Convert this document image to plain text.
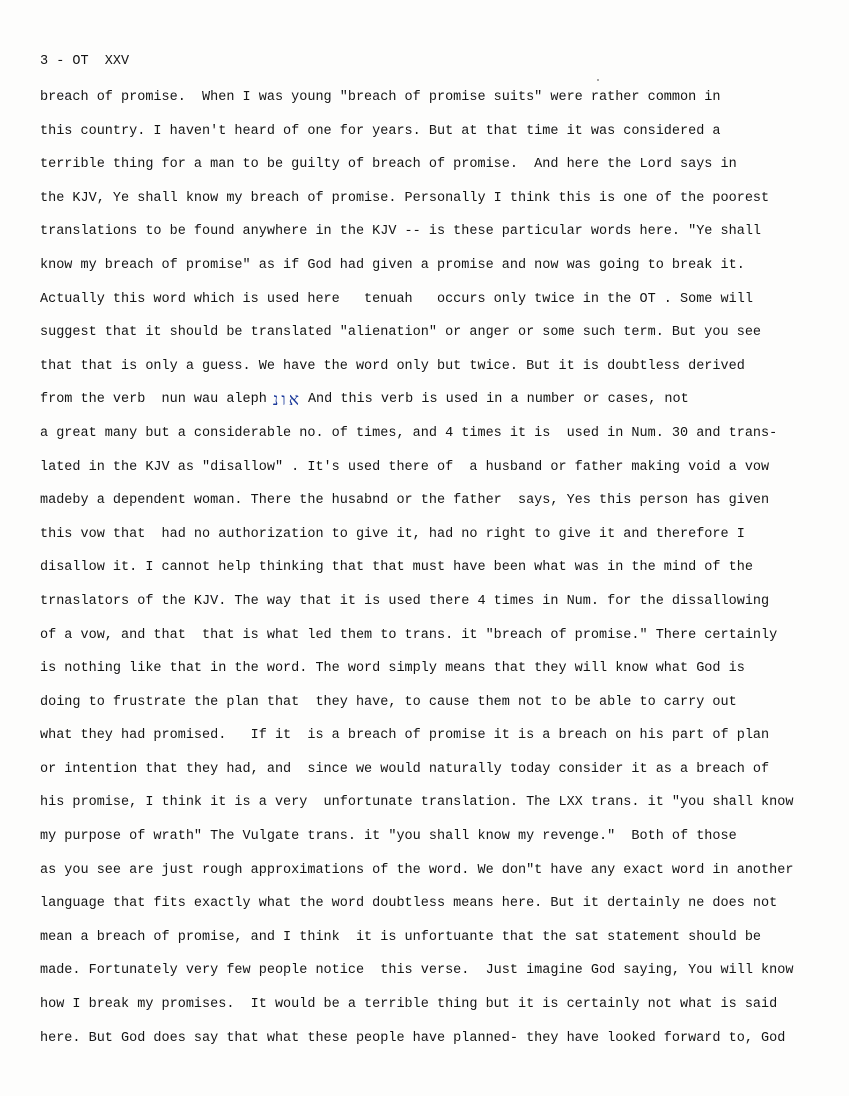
3 - OT  XXV
breach of promise.  When I was young "breach of promise suits" were rather common in
this country. I haven't heard of one for years. But at that time it was considered a
terrible thing for a man to be guilty of breach of promise.  And here the Lord says in
the KJV, Ye shall know my breach of promise. Personally I think this is one of the poorest
translations to be found anywhere in the KJV -- is these particular words here. "Ye shall
know my breach of promise" as if God had given a promise and now was going to break it.
Actually this word which is used here   tenuah   occurs only twice in the OT . Some will
suggest that it should be translated "alienation" or anger or some such term. But you see
that that is only a guess. We have the word only but twice. But it is doubtless derived
from the verb  nun wau aleph אונ And this verb is used in a number or cases, not
a great many but a considerable no. of times, and 4 times it is  used in Num. 30 and trans-
lated in the KJV as "disallow" . It's used there of  a husband or father making void a vow
madeby a dependent woman. There the husabnd or the father  says, Yes this person has given
this vow that  had no authorization to give it, had no right to give it and therefore I
disallow it. I cannot help thinking that that must have been what was in the mind of the
trnaslators of the KJV. The way that it is used there 4 times in Num. for the dissallowing
of a vow, and that  that is what led them to trans. it "breach of promise." There certainly
is nothing like that in the word. The word simply means that they will know what God is
doing to frustrate the plan that  they have, to cause them not to be able to carry out
what they had promised.   If it  is a breach of promise it is a breach on his part of plan
or intention that they had, and  since we would naturally today consider it as a breach of
his promise, I think it is a very  unfortunate translation. The LXX trans. it "you shall know
my purpose of wrath" The Vulgate trans. it "you shall know my revenge."  Both of those
as you see are just rough approximations of the word. We don"t have any exact word in another
language that fits exactly what the word doubtless means here. But it dertainly ne does not
mean a breach of promise, and I think  it is unfortuante that the sat statement should be
made. Fortunately very few people notice  this verse.  Just imagine God saying, You will know
how I break my promises.  It would be a terrible thing but it is certainly not what is said
here. But God does say that what these people have planned- they have looked forward to, God
